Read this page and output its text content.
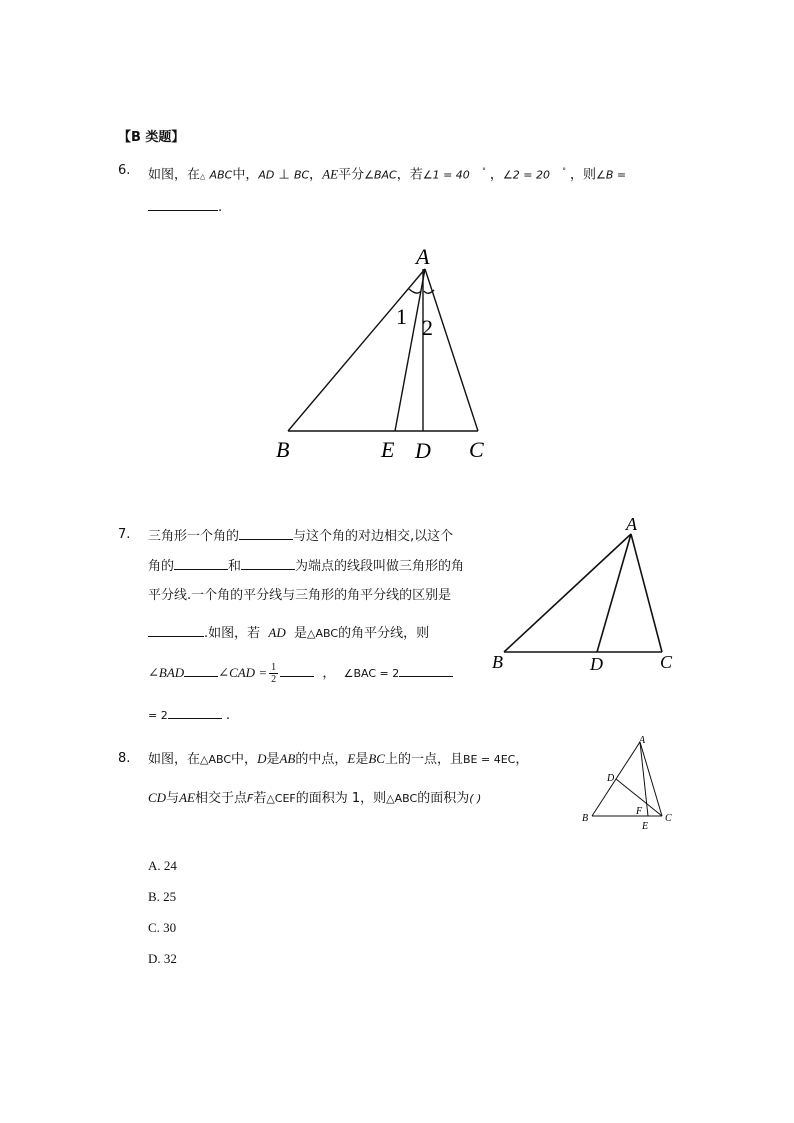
【B 类题】
6. 如图，在△ ABC中，AD ⊥ BC，AE平分∠BAC，若∠1 = 40 ° ，∠2 = 20 ° ，则∠B =
.
A
B	E D C
1 2
7. 三角形一个角的	与这个角的对边相交,以这个
角的	和	为端点的线段叫做三角形的角
平分线.一个角的平分线与三角形的角平分线的区别是
.如图，若 AD 是△ABC的角平分线，则
∠BAD	∠CAD = $\frac{1}{2}$	， ∠BAC = 2
= 2	.
A
B	D	C
8. 如图，在△ABC中，D是AB的中点，E是BC上的一点，且BE = 4EC，
CD与AE相交于点F若△CEF的面积为 1，则△ABC的面积为( )
A
D
F
B
E
C
A. 24
B. 25
C. 30
D. 32
